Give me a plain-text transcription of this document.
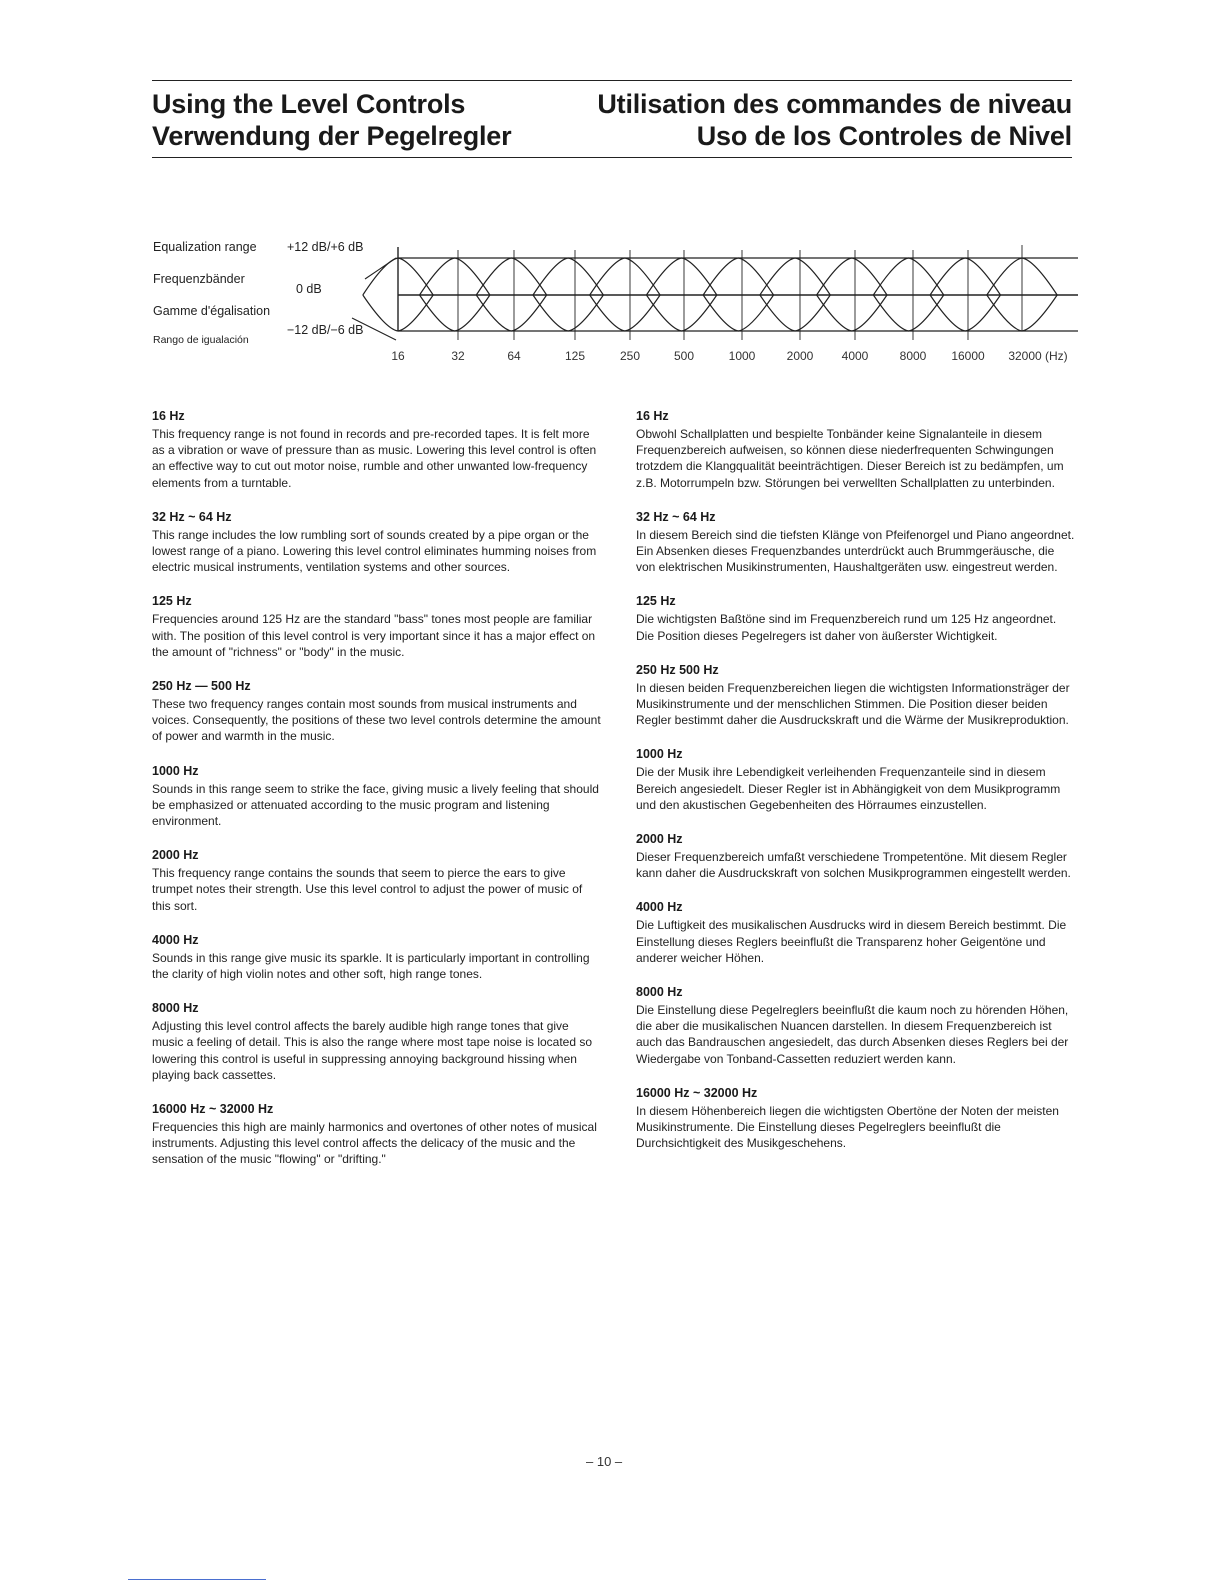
Using the Level Controls
Verwendung der Pegelregler
Utilisation des commandes de niveau
Uso de los Controles de Nivel
Equalization range
Frequenzbänder
Gamme d'égalisation
Rango de igualación
+12 dB/+6 dB
0 dB
−12 dB/−6 dB
16	32	64	125	250	500	1000	2000 4000	8000 16000 32000 (Hz)
16 Hz
This frequency range is not found in records and pre-recorded tapes. It is felt more as a vibration or wave of pressure than as music. Lowering this level control is often an effective way to cut out motor noise, rumble and other unwanted low-frequency elements from a turntable.
32 Hz ~ 64 Hz
This range includes the low rumbling sort of sounds created by a pipe organ or the lowest range of a piano. Lowering this level control eliminates humming noises from electric musical instruments, ventilation systems and other sources.
125 Hz
Frequencies around 125 Hz are the standard "bass" tones most people are familiar with. The position of this level control is very important since it has a major effect on the amount of "richness" or "body" in the music.
250 Hz — 500 Hz
These two frequency ranges contain most sounds from musical instruments and voices. Consequently, the positions of these two level controls determine the amount of power and warmth in the music.
1000 Hz
Sounds in this range seem to strike the face, giving music a lively feeling that should be emphasized or attenuated according to the music program and listening environment.
2000 Hz
This frequency range contains the sounds that seem to pierce the ears to give trumpet notes their strength. Use this level control to adjust the power of music of this sort.
4000 Hz
Sounds in this range give music its sparkle. It is particularly important in controlling the clarity of high violin notes and other soft, high range tones.
8000 Hz
Adjusting this level control affects the barely audible high range tones that give music a feeling of detail. This is also the range where most tape noise is located so lowering this control is useful in suppressing annoying background hissing when playing back cassettes.
16000 Hz ~ 32000 Hz
Frequencies this high are mainly harmonics and overtones of other notes of musical instruments. Adjusting this level control affects the delicacy of the music and the sensation of the music "flowing" or "drifting."
16 Hz
Obwohl Schallplatten und bespielte Tonbänder keine Signalanteile in diesem Frequenzbereich aufweisen, so können diese niederfrequenten Schwingungen trotzdem die Klangqualität beeinträchtigen. Dieser Bereich ist zu bedämpfen, um z.B. Motorrumpeln bzw. Störungen bei verwellten Schallplatten zu unterbinden.
32 Hz ~ 64 Hz
In diesem Bereich sind die tiefsten Klänge von Pfeifenorgel und Piano angeordnet. Ein Absenken dieses Frequenzbandes unterdrückt auch Brummgeräusche, die von elektrischen Musikinstrumenten, Haushaltgeräten usw. eingestreut werden.
125 Hz
Die wichtigsten Baßtöne sind im Frequenzbereich rund um 125 Hz angeordnet. Die Position dieses Pegelregers ist daher von äußerster Wichtigkeit.
250 Hz 500 Hz
In diesen beiden Frequenzbereichen liegen die wichtigsten Informationsträger der Musikinstrumente und der menschlichen Stimmen. Die Position dieser beiden Regler bestimmt daher die Ausdruckskraft und die Wärme der Musikreproduktion.
1000 Hz
Die der Musik ihre Lebendigkeit verleihenden Frequenzanteile sind in diesem Bereich angesiedelt. Dieser Regler ist in Abhängigkeit von dem Musikprogramm und den akustischen Gegebenheiten des Hörraumes einzustellen.
2000 Hz
Dieser Frequenzbereich umfaßt verschiedene Trompetentöne. Mit diesem Regler kann daher die Ausdruckskraft von solchen Musikprogrammen eingestellt werden.
4000 Hz
Die Luftigkeit des musikalischen Ausdrucks wird in diesem Bereich bestimmt. Die Einstellung dieses Reglers beeinflußt die Transparenz hoher Geigentöne und anderer weicher Höhen.
8000 Hz
Die Einstellung diese Pegelreglers beeinflußt die kaum noch zu hörenden Höhen, die aber die musikalischen Nuancen darstellen. In diesem Frequenzbereich ist auch das Bandrauschen angesiedelt, das durch Absenken dieses Reglers bei der Wiedergabe von Tonband-Cassetten reduziert werden kann.
16000 Hz ~ 32000 Hz
In diesem Höhenbereich liegen die wichtigsten Obertöne der Noten der meisten Musikinstrumente. Die Einstellung dieses Pegelreglers beeinflußt die Durchsichtigkeit des Musikgeschehens.
– 10 –
